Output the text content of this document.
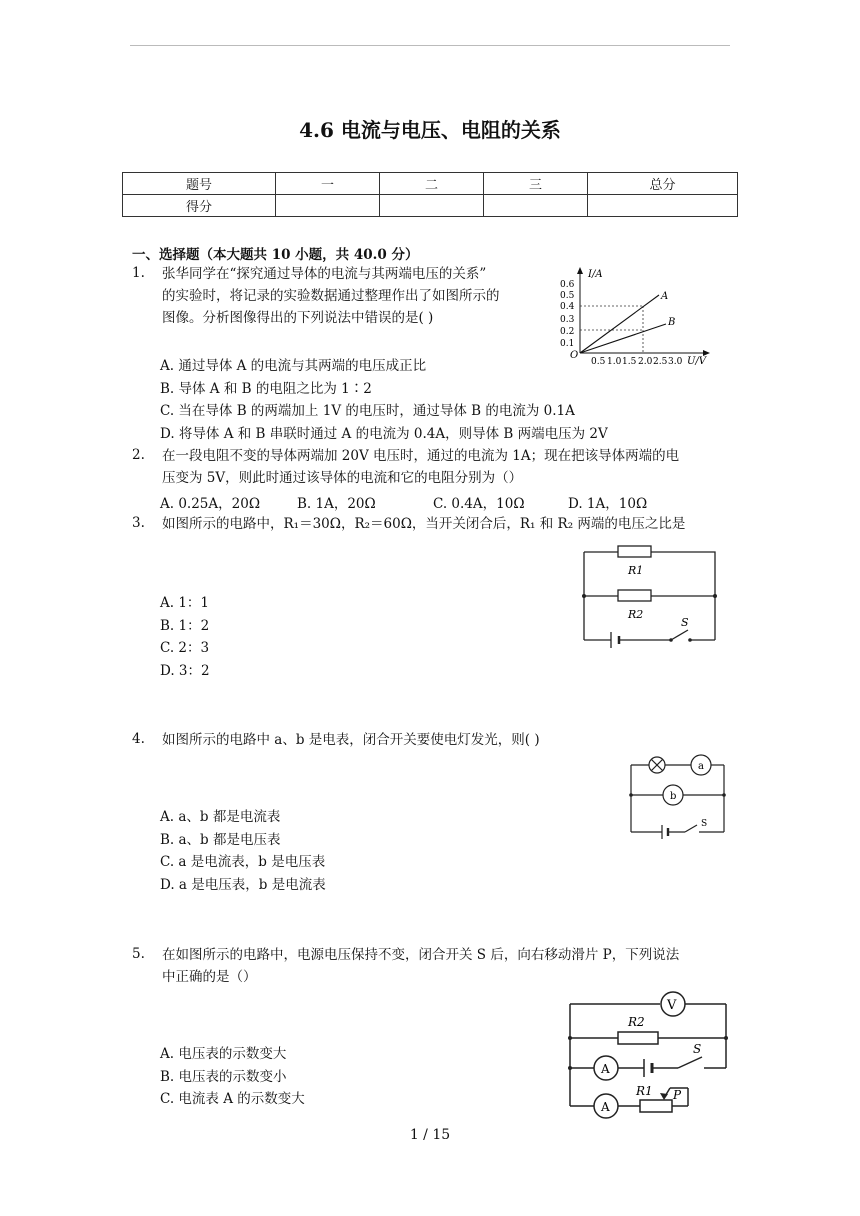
4.6 电流与电压、电阻的关系
题号	一	二	三	总分
得分				
一、选择题（本大题共 10 小题，共 40.0 分）
1. 张华同学在“探究通过导体的电流与其两端电压的关系”
的实验时，将记录的实验数据通过整理作出了如图所示的
图像。分析图像得出的下列说法中错误的是( )
A. 通过导体 A 的电流与其两端的电压成正比
B. 导体 A 和 B 的电阻之比为 1∶2
C. 当在导体 B 的两端加上 1V 的电压时，通过导体 B 的电流为 0.1A
D. 将导体 A 和 B 串联时通过 A 的电流为 0.4A，则导体 B 两端电压为 2V
I/A
O
0.6
0.5
0.4
0.3
0.2
0.1
0.5 1.0 1.5 2.0 2.5 3.0 U/V
A
B
2. 在一段电阻不变的导体两端加 20V 电压时，通过的电流为 1A；现在把该导体两端的电
压变为 5V，则此时通过该导体的电流和它的电阻分别为（）
A. 0.25A，20Ω	B. 1A，20Ω	C. 0.4A，10Ω	D. 1A，10Ω
3. 如图所示的电路中，R₁＝30Ω，R₂＝60Ω，当开关闭合后，R₁ 和 R₂ 两端的电压之比是
A. 1：1
B. 1：2
C. 2：3
D. 3：2
R1
R2
S
4. 如图所示的电路中 a、b 是电表，闭合开关要使电灯发光，则( )
A. a、b 都是电流表
B. a、b 都是电压表
C. a 是电流表，b 是电压表
D. a 是电压表，b 是电流表
a
b
S
5. 在如图所示的电路中，电源电压保持不变，闭合开关 S 后，向右移动滑片 P，下列说法
中正确的是（）
A. 电压表的示数变大
B. 电压表的示数变小
C. 电流表 A 的示数变大
V
R2
A
S
R1 P
A
1 / 15
